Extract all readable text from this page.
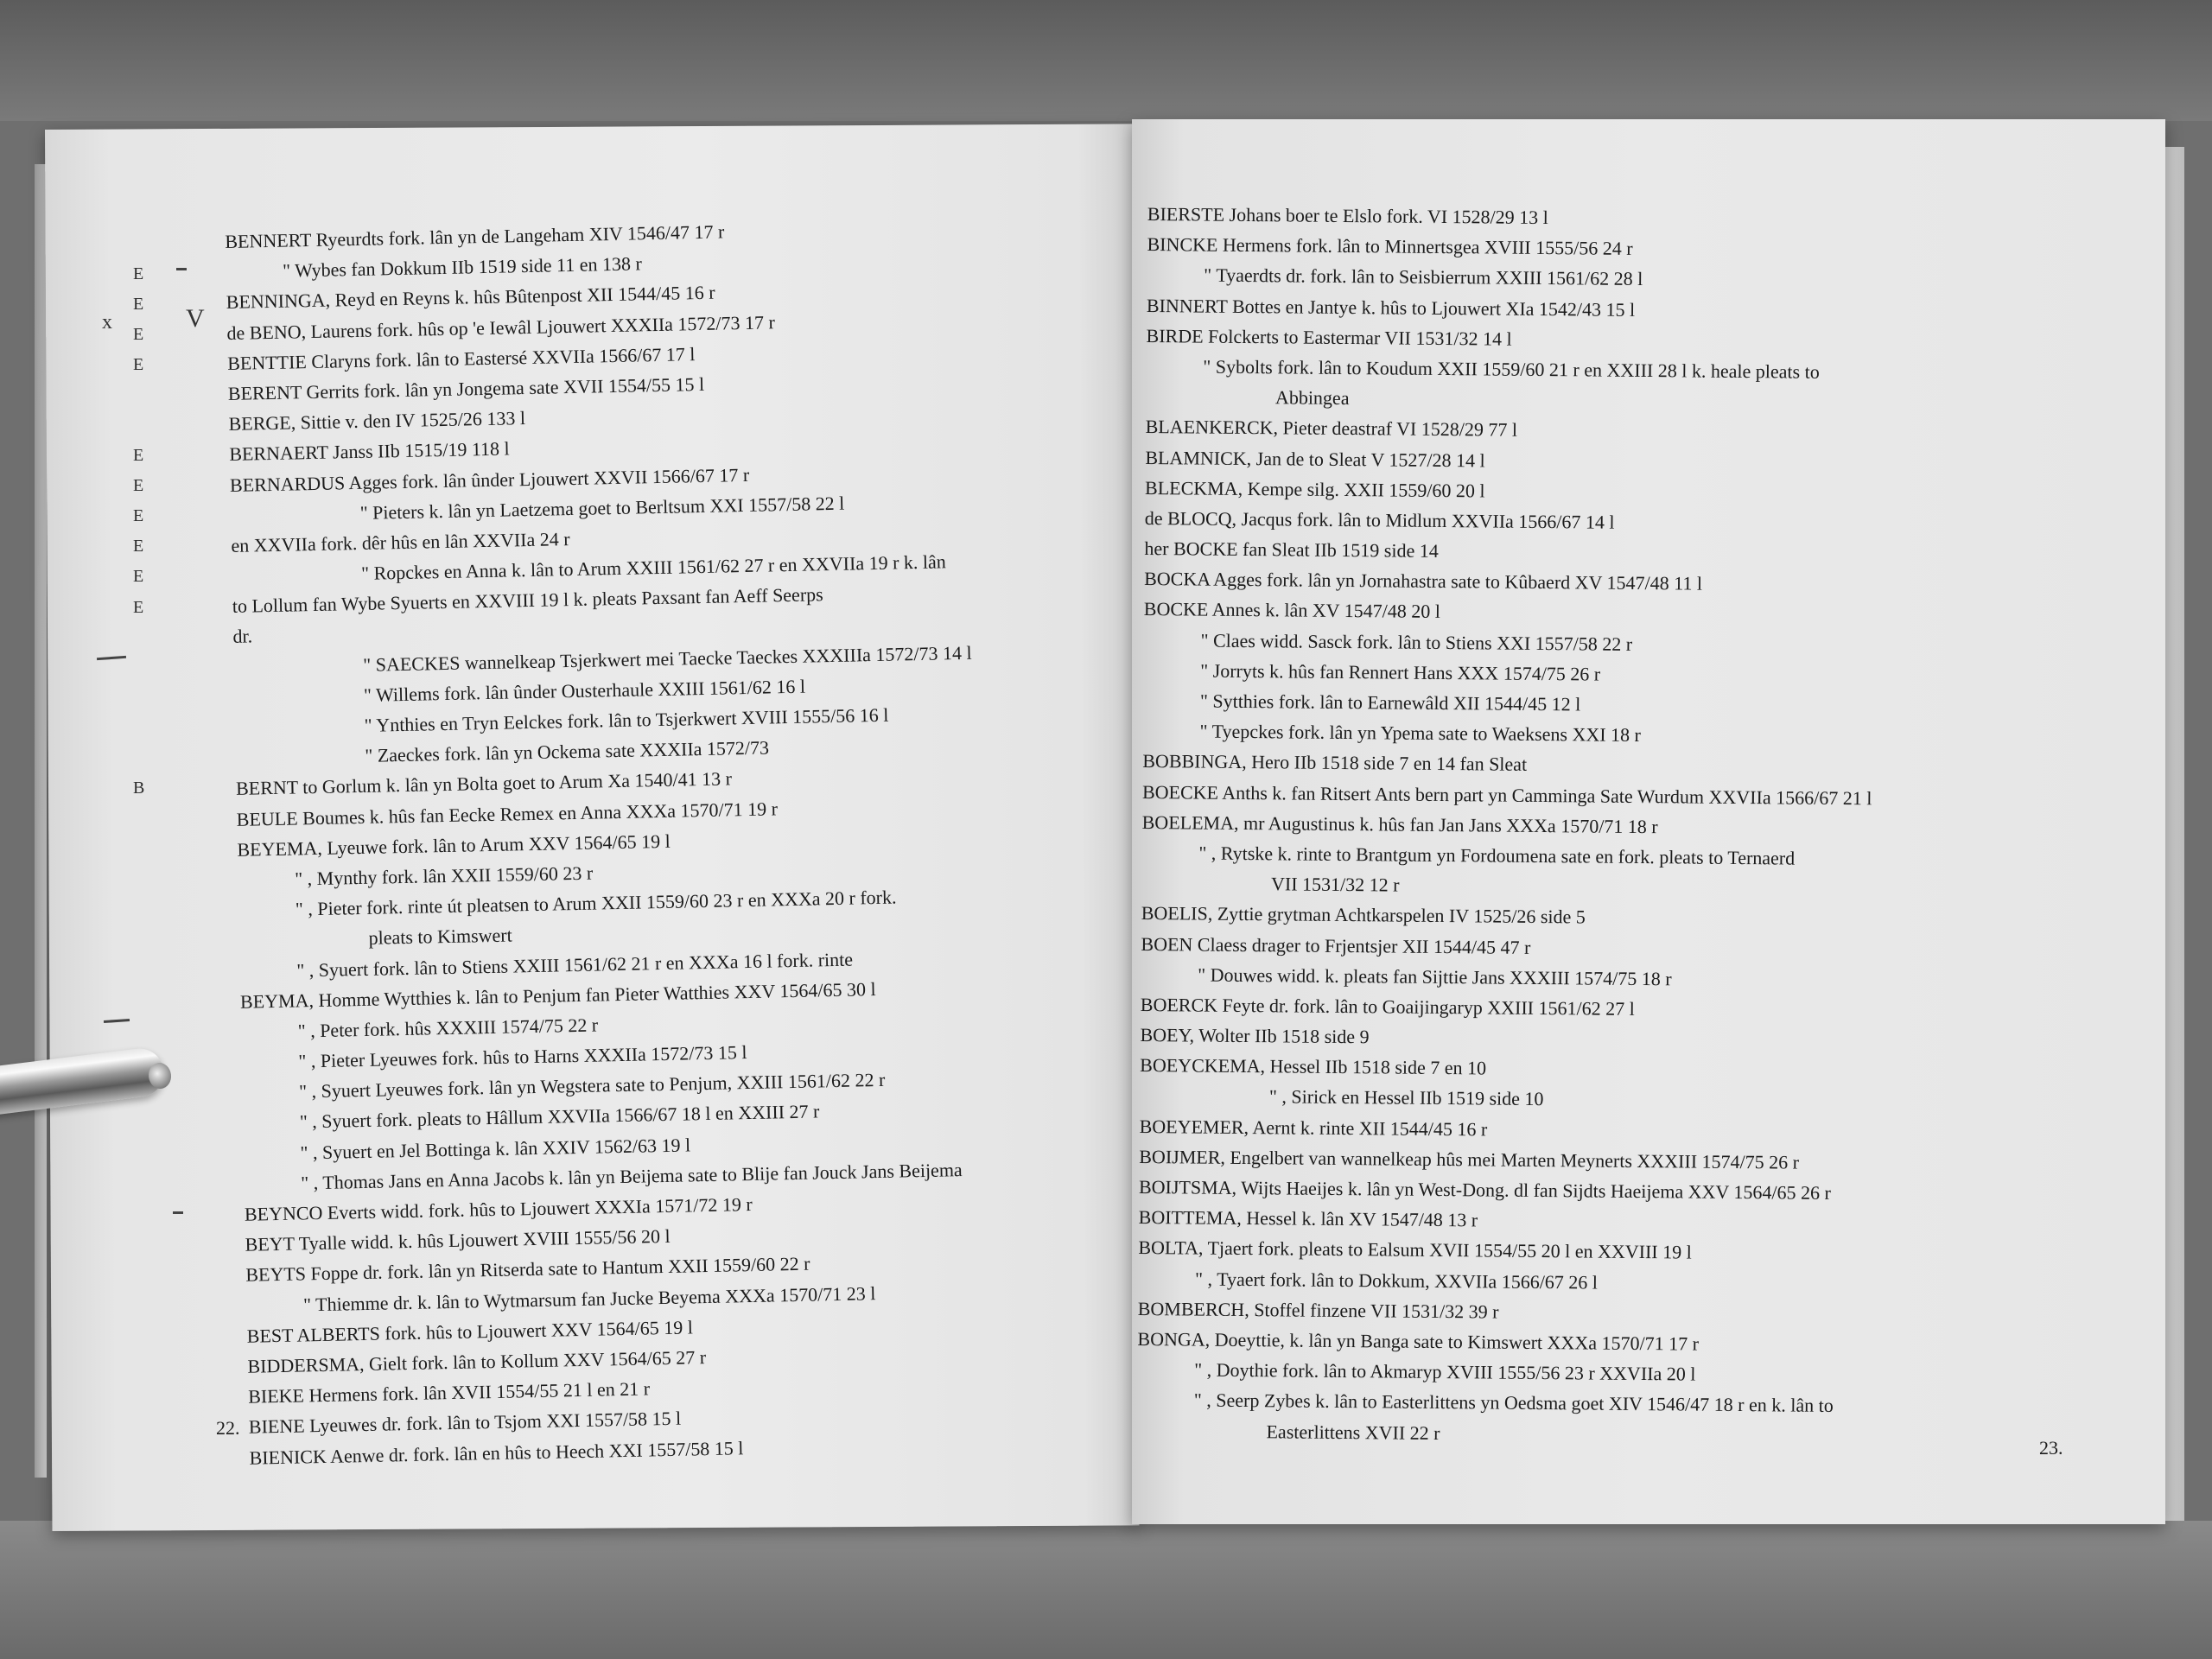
E
E
E
E
E
E
E
E
E
E
B
V
x
BENNERT Ryeurdts fork. lân yn de Langeham XIV 1546/47 17 r
" Wybes fan Dokkum IIb 1519 side 11 en 138 r
BENNINGA, Reyd en Reyns k. hûs Bûtenpost XII 1544/45 16 r
de BENO, Laurens fork. hûs op 'e Iewâl Ljouwert XXXIIa 1572/73 17 r
BENTTIE Claryns fork. lân to Eastersé XXVIIa 1566/67 17 l
BERENT Gerrits fork. lân yn Jongema sate XVII 1554/55 15 l
BERGE, Sittie v. den IV 1525/26 133 l
BERNAERT Janss IIb 1515/19 118 l
BERNARDUS Agges fork. lân ûnder Ljouwert XXVII 1566/67 17 r
" Pieters k. lân yn Laetzema goet to Berltsum XXI 1557/58 22 l
en XXVIIa fork. dêr hûs en lân XXVIIa 24 r
" Ropckes en Anna k. lân to Arum XXIII 1561/62 27 r en XXVIIa 19 r k. lân
to Lollum fan Wybe Syuerts en XXVIII 19 l k. pleats Paxsant fan Aeff Seerps
dr.
" SAECKES wannelkeap Tsjerkwert mei Taecke Taeckes XXXIIIa 1572/73 14 l
" Willems fork. lân ûnder Ousterhaule XXIII 1561/62 16 l
" Ynthies en Tryn Eelckes fork. lân to Tsjerkwert XVIII 1555/56 16 l
" Zaeckes fork. lân yn Ockema sate XXXIIa 1572/73
BERNT to Gorlum k. lân yn Bolta goet to Arum Xa 1540/41 13 r
BEULE Boumes k. hûs fan Eecke Remex en Anna XXXa 1570/71 19 r
BEYEMA, Lyeuwe fork. lân to Arum XXV 1564/65 19 l
" , Mynthy fork. lân XXII 1559/60 23 r
" , Pieter fork. rinte út pleatsen to Arum XXII 1559/60 23 r en XXXa 20 r fork.
pleats to Kimswert
" , Syuert fork. lân to Stiens XXIII 1561/62 21 r en XXXa 16 l fork. rinte
BEYMA, Homme Wytthies k. lân to Penjum fan Pieter Watthies XXV 1564/65 30 l
" , Peter fork. hûs XXXIII 1574/75 22 r
" , Pieter Lyeuwes fork. hûs to Harns XXXIIa 1572/73 15 l
" , Syuert Lyeuwes fork. lân yn Wegstera sate to Penjum, XXIII 1561/62 22 r
" , Syuert fork. pleats to Hâllum XXVIIa 1566/67 18 l en XXIII 27 r
" , Syuert en Jel Bottinga k. lân XXIV 1562/63 19 l
" , Thomas Jans en Anna Jacobs k. lân yn Beijema sate to Blije fan Jouck Jans Beijema
BEYNCO Everts widd. fork. hûs to Ljouwert XXXIa 1571/72 19 r
BEYT Tyalle widd. k. hûs Ljouwert XVIII 1555/56 20 l
BEYTS Foppe dr. fork. lân yn Ritserda sate to Hantum XXII 1559/60 22 r
" Thiemme dr. k. lân to Wytmarsum fan Jucke Beyema XXXa 1570/71 23 l
BEST ALBERTS fork. hûs to Ljouwert XXV 1564/65 19 l
BIDDERSMA, Gielt fork. lân to Kollum XXV 1564/65 27 r
BIEKE Hermens fork. lân XVII 1554/55 21 l en 21 r
BIENE Lyeuwes dr. fork. lân to Tsjom XXI 1557/58 15 l
BIENICK Aenwe dr. fork. lân en hûs to Heech XXI 1557/58 15 l
BIERSTE Johans boer te Elslo fork. VI 1528/29 13 l
BINCKE Hermens fork. lân to Minnertsgea XVIII 1555/56 24 r
" Tyaerdts dr. fork. lân to Seisbierrum XXIII 1561/62 28 l
BINNERT Bottes en Jantye k. hûs to Ljouwert XIa 1542/43 15 l
BIRDE Folckerts to Eastermar VII 1531/32 14 l
" Sybolts fork. lân to Koudum XXII 1559/60 21 r en XXIII 28 l k. heale pleats to
Abbingea
BLAENKERCK, Pieter deastraf VI 1528/29 77 l
BLAMNICK, Jan de to Sleat V 1527/28 14 l
BLECKMA, Kempe silg. XXII 1559/60 20 l
de BLOCQ, Jacqus fork. lân to Midlum XXVIIa 1566/67 14 l
her BOCKE fan Sleat IIb 1519 side 14
BOCKA Agges fork. lân yn Jornahastra sate to Kûbaerd XV 1547/48 11 l
BOCKE Annes k. lân XV 1547/48 20 l
" Claes widd. Sasck fork. lân to Stiens XXI 1557/58 22 r
" Jorryts k. hûs fan Rennert Hans XXX 1574/75 26 r
" Sytthies fork. lân to Earnewâld XII 1544/45 12 l
" Tyepckes fork. lân yn Ypema sate to Waeksens XXI 18 r
BOBBINGA, Hero IIb 1518 side 7 en 14 fan Sleat
BOECKE Anths k. fan Ritsert Ants bern part yn Camminga Sate Wurdum XXVIIa 1566/67 21 l
BOELEMA, mr Augustinus k. hûs fan Jan Jans XXXa 1570/71 18 r
" , Rytske k. rinte to Brantgum yn Fordoumena sate en fork. pleats to Ternaerd
VII 1531/32 12 r
BOELIS, Zyttie grytman Achtkarspelen IV 1525/26 side 5
BOEN Claess drager to Frjentsjer XII 1544/45 47 r
" Douwes widd. k. pleats fan Sijttie Jans XXXIII 1574/75 18 r
BOERCK Feyte dr. fork. lân to Goaijingaryp XXIII 1561/62 27 l
BOEY, Wolter IIb 1518 side 9
BOEYCKEMA, Hessel IIb 1518 side 7 en 10
" , Sirick en Hessel IIb 1519 side 10
BOEYEMER, Aernt k. rinte XII 1544/45 16 r
BOIJMER, Engelbert van wannelkeap hûs mei Marten Meynerts XXXIII 1574/75 26 r
BOIJTSMA, Wijts Haeijes k. lân yn West-Dong. dl fan Sijdts Haeijema XXV 1564/65 26 r
BOITTEMA, Hessel k. lân XV 1547/48 13 r
BOLTA, Tjaert fork. pleats to Ealsum XVII 1554/55 20 l en XXVIII 19 l
" , Tyaert fork. lân to Dokkum, XXVIIa 1566/67 26 l
BOMBERCH, Stoffel finzene VII 1531/32 39 r
BONGA, Doeyttie, k. lân yn Banga sate to Kimswert XXXa 1570/71 17 r
" , Doythie fork. lân to Akmaryp XVIII 1555/56 23 r XXVIIa 20 l
" , Seerp Zybes k. lân to Easterlittens yn Oedsma goet XIV 1546/47 18 r en k. lân to
Easterlittens XVII 22 r
22.
23.
